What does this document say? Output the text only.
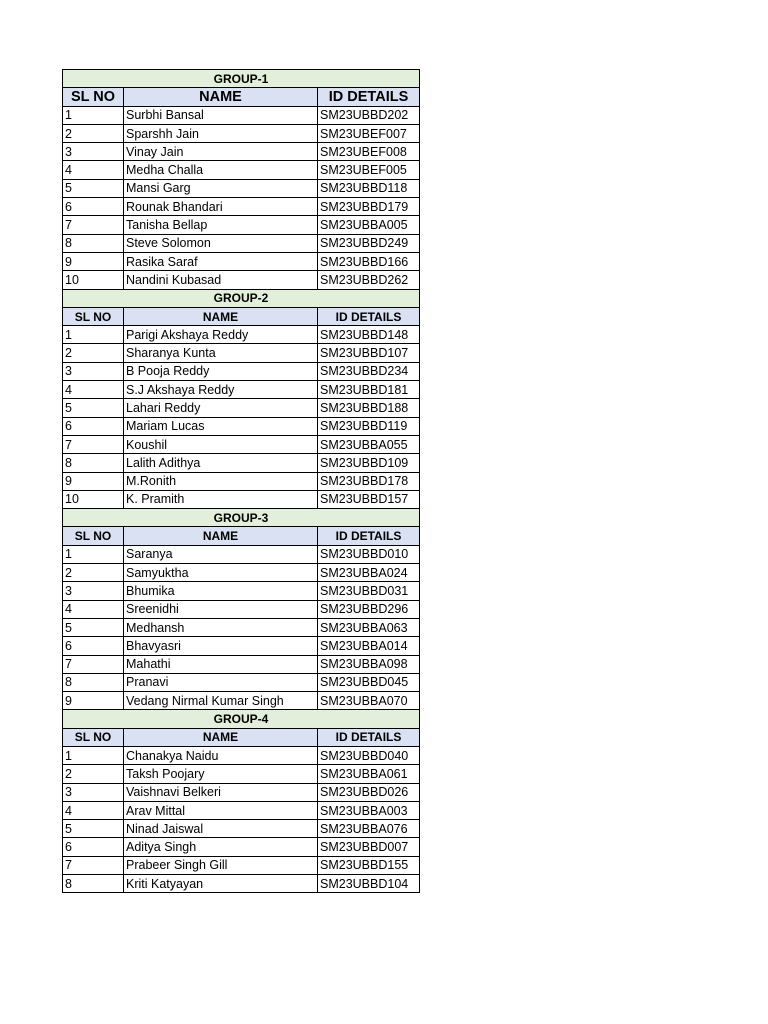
GROUP-1		
SL NO	NAME	ID DETAILS
1	Surbhi Bansal	SM23UBBD202
2	Sparshh Jain	SM23UBEF007
3	Vinay Jain	SM23UBEF008
4	Medha Challa	SM23UBEF005
5	Mansi Garg	SM23UBBD118
6	Rounak Bhandari	SM23UBBD179
7	Tanisha Bellap	SM23UBBA005
8	Steve Solomon	SM23UBBD249
9	Rasika Saraf	SM23UBBD166
10	Nandini Kubasad	SM23UBBD262
GROUP-2		
SL NO	NAME	ID DETAILS
1	Parigi Akshaya Reddy	SM23UBBD148
2	Sharanya Kunta	SM23UBBD107
3	B Pooja Reddy	SM23UBBD234
4	S.J Akshaya Reddy	SM23UBBD181
5	Lahari Reddy	SM23UBBD188
6	Mariam Lucas	SM23UBBD119
7	Koushil	SM23UBBA055
8	Lalith Adithya	SM23UBBD109
9	M.Ronith	SM23UBBD178
10	K. Pramith	SM23UBBD157
GROUP-3		
SL NO	NAME	ID DETAILS
1	Saranya	SM23UBBD010
2	Samyuktha	SM23UBBA024
3	Bhumika	SM23UBBD031
4	Sreenidhi	SM23UBBD296
5	Medhansh	SM23UBBA063
6	Bhavyasri	SM23UBBA014
7	Mahathi	SM23UBBA098
8	Pranavi	SM23UBBD045
9	Vedang Nirmal Kumar Singh	SM23UBBA070
GROUP-4		
SL NO	NAME	ID DETAILS
1	Chanakya Naidu	SM23UBBD040
2	Taksh Poojary	SM23UBBA061
3	Vaishnavi Belkeri	SM23UBBD026
4	Arav Mittal	SM23UBBA003
5	Ninad Jaiswal	SM23UBBA076
6	Aditya Singh	SM23UBBD007
7	Prabeer Singh Gill	SM23UBBD155
8	Kriti Katyayan	SM23UBBD104
